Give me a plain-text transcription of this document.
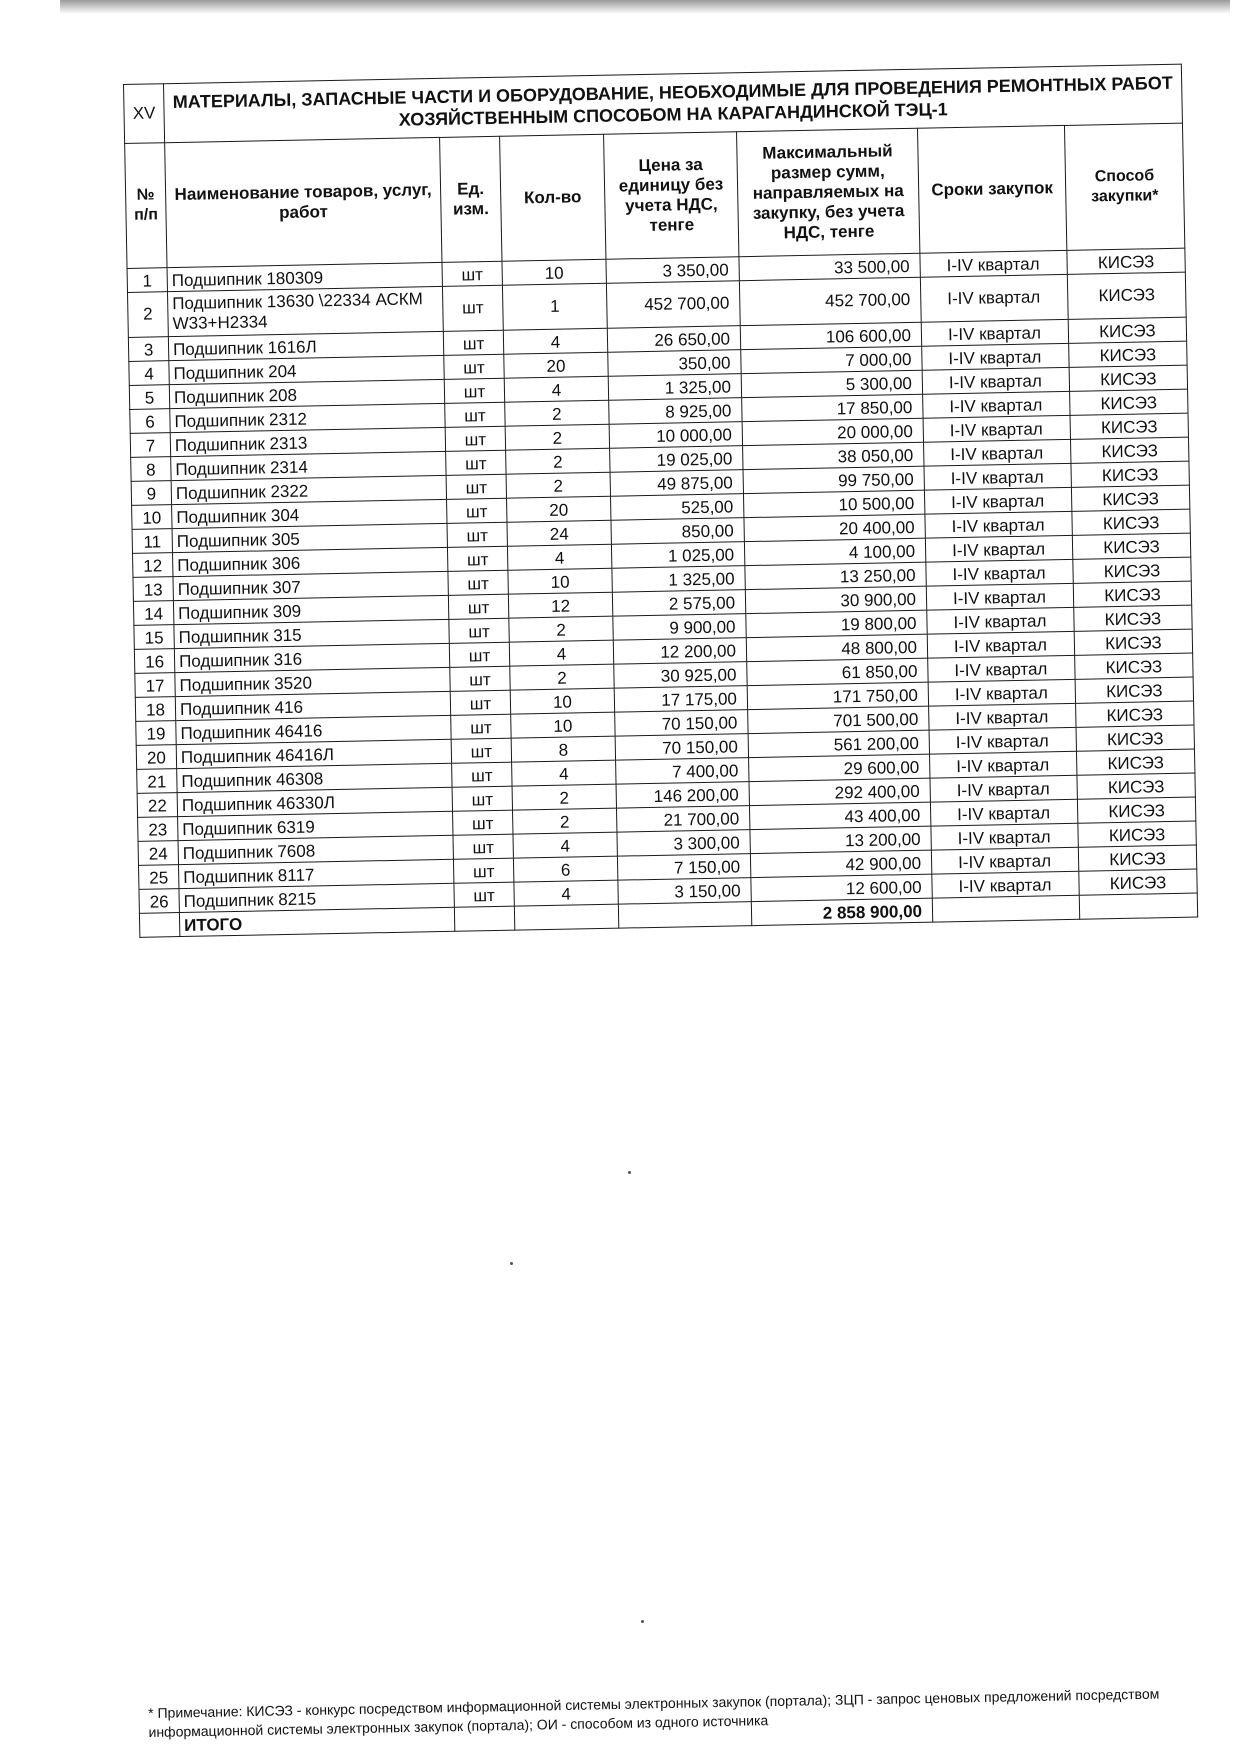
XV	МАТЕРИАЛЫ, ЗАПАСНЫЕ ЧАСТИ И ОБОРУДОВАНИЕ, НЕОБХОДИМЫЕ ДЛЯ ПРОВЕДЕНИЯ РЕМОНТНЫХ РАБОТ ХОЗЯЙСТВЕННЫМ СПОСОБОМ НА КАРАГАНДИНСКОЙ ТЭЦ-1						
№ п/п	Наименование товаров, услуг, работ	Ед. изм.	Кол-во	Цена за единицу без учета НДС, тенге	Максимальный размер сумм, направляемых на закупку, без учета НДС, тенге	Сроки закупок	Способ закупки*
1	Подшипник 180309	шт	10	3 350,00	33 500,00	I-IV квартал	КИСЭЗ
2	Подшипник 13630 \22334 АСКМ W33+H2334	шт	1	452 700,00	452 700,00	I-IV квартал	КИСЭЗ
3	Подшипник 1616Л	шт	4	26 650,00	106 600,00	I-IV квартал	КИСЭЗ
4	Подшипник 204	шт	20	350,00	7 000,00	I-IV квартал	КИСЭЗ
5	Подшипник 208	шт	4	1 325,00	5 300,00	I-IV квартал	КИСЭЗ
6	Подшипник 2312	шт	2	8 925,00	17 850,00	I-IV квартал	КИСЭЗ
7	Подшипник 2313	шт	2	10 000,00	20 000,00	I-IV квартал	КИСЭЗ
8	Подшипник 2314	шт	2	19 025,00	38 050,00	I-IV квартал	КИСЭЗ
9	Подшипник 2322	шт	2	49 875,00	99 750,00	I-IV квартал	КИСЭЗ
10	Подшипник 304	шт	20	525,00	10 500,00	I-IV квартал	КИСЭЗ
11	Подшипник 305	шт	24	850,00	20 400,00	I-IV квартал	КИСЭЗ
12	Подшипник 306	шт	4	1 025,00	4 100,00	I-IV квартал	КИСЭЗ
13	Подшипник 307	шт	10	1 325,00	13 250,00	I-IV квартал	КИСЭЗ
14	Подшипник 309	шт	12	2 575,00	30 900,00	I-IV квартал	КИСЭЗ
15	Подшипник 315	шт	2	9 900,00	19 800,00	I-IV квартал	КИСЭЗ
16	Подшипник 316	шт	4	12 200,00	48 800,00	I-IV квартал	КИСЭЗ
17	Подшипник 3520	шт	2	30 925,00	61 850,00	I-IV квартал	КИСЭЗ
18	Подшипник 416	шт	10	17 175,00	171 750,00	I-IV квартал	КИСЭЗ
19	Подшипник 46416	шт	10	70 150,00	701 500,00	I-IV квартал	КИСЭЗ
20	Подшипник 46416Л	шт	8	70 150,00	561 200,00	I-IV квартал	КИСЭЗ
21	Подшипник 46308	шт	4	7 400,00	29 600,00	I-IV квартал	КИСЭЗ
22	Подшипник 46330Л	шт	2	146 200,00	292 400,00	I-IV квартал	КИСЭЗ
23	Подшипник 6319	шт	2	21 700,00	43 400,00	I-IV квартал	КИСЭЗ
24	Подшипник 7608	шт	4	3 300,00	13 200,00	I-IV квартал	КИСЭЗ
25	Подшипник 8117	шт	6	7 150,00	42 900,00	I-IV квартал	КИСЭЗ
26	Подшипник 8215	шт	4	3 150,00	12 600,00	I-IV квартал	КИСЭЗ
	ИТОГО				2 858 900,00		
* Примечание: КИСЭЗ - конкурс посредством информационной системы электронных закупок (портала); ЗЦП - запрос ценовых предложений посредством информационной системы электронных закупок (портала); ОИ - способом из одного источника
